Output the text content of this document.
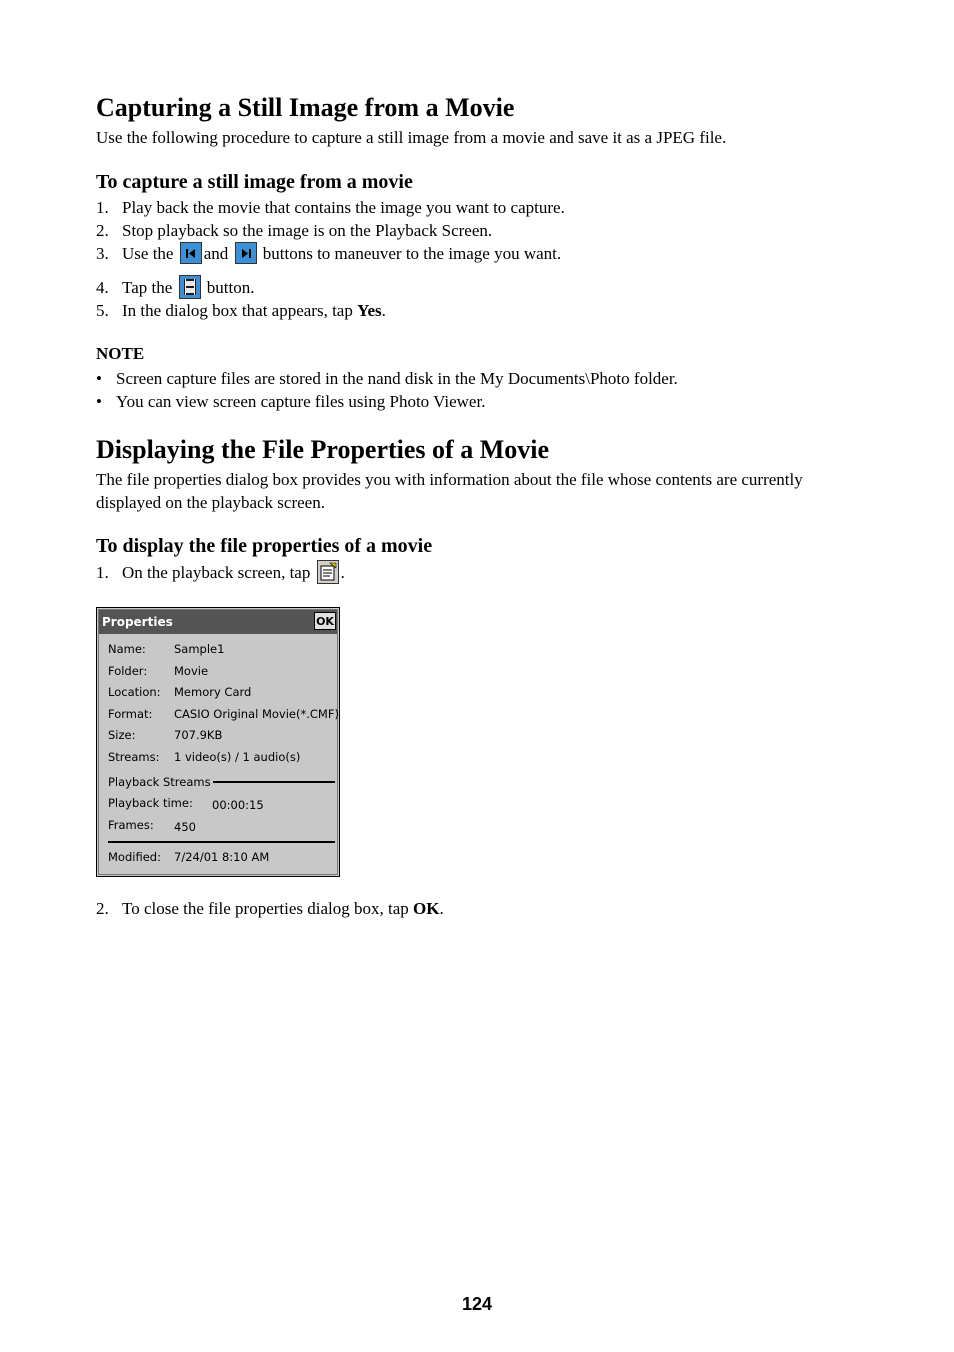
Capturing a Still Image from a Movie

Use the following procedure to capture a still image from a movie and save it as a JPEG file.

To capture a still image from a movie
1. Play back the movie that contains the image you want to capture.
2. Stop playback so the image is on the Playback Screen.
3. Use the and buttons to maneuver to the image you want.
4. Tap the button.
5. In the dialog box that appears, tap Yes.
NOTE
• Screen capture files are stored in the nand disk in the My Documents\Photo folder.
• You can view screen capture files using Photo Viewer.
Displaying the File Properties of a Movie

The file properties dialog box provides you with information about the file whose contents are currently displayed on the playback screen.

To display the file properties of a movie
1. On the playback screen, tap .
Properties	OK
Name: Sample1
Folder: Movie
Location: Memory Card
Format: CASIO Original Movie(*.CMF)
Size:	707.9KB
Streams: 1 video(s) / 1 audio(s)
Playback Streams
Playback time: 00:00:15
Frames: 450
Modified: 7/24/01 8:10 AM
2. To close the file properties dialog box, tap OK.
124
